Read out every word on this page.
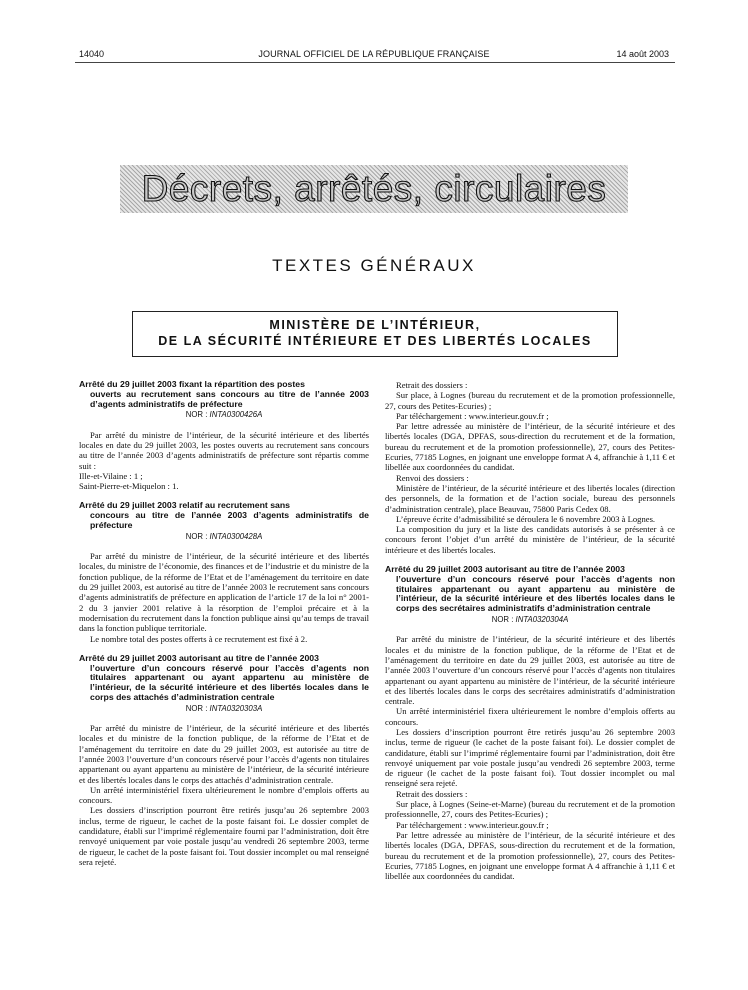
14040	JOURNAL OFFICIEL DE LA RÉPUBLIQUE FRANÇAISE	14 août 2003
Décrets, arrêtés, circulaires
TEXTES GÉNÉRAUX
MINISTÈRE DE L’INTÉRIEUR,
DE LA SÉCURITÉ INTÉRIEURE ET DES LIBERTÉS LOCALES
Arrêté du 29 juillet 2003 fixant la répartition des postes
ouverts au recrutement sans concours au titre de l’année 2003 d’agents administratifs de préfecture
NOR : INTA0300426A

Par arrêté du ministre de l’intérieur, de la sécurité intérieure et des libertés locales en date du 29 juillet 2003, les postes ouverts au recrutement sans concours au titre de l’année 2003 d’agents administratifs de préfecture sont répartis comme suit :

Ille-et-Vilaine : 1 ;

Saint-Pierre-et-Miquelon : 1.

Arrêté du 29 juillet 2003 relatif au recrutement sans
concours au titre de l’année 2003 d’agents administratifs de préfecture
NOR : INTA0300428A

Par arrêté du ministre de l’intérieur, de la sécurité intérieure et des libertés locales, du ministre de l’économie, des finances et de l’industrie et du ministre de la fonction publique, de la réforme de l’Etat et de l’aménagement du territoire en date du 29 juillet 2003, est autorisé au titre de l’année 2003 le recrutement sans concours d’agents administratifs de préfecture en application de l’article 17 de la loi n° 2001-2 du 3 janvier 2001 relative à la résorption de l’emploi précaire et à la modernisation du recrutement dans la fonction publique ainsi qu’au temps de travail dans la fonction publique territoriale.

Le nombre total des postes offerts à ce recrutement est fixé à 2.

Arrêté du 29 juillet 2003 autorisant au titre de l’année 2003
l’ouverture d’un concours réservé pour l’accès d’agents non titulaires appartenant ou ayant appartenu au ministère de l’intérieur, de la sécurité intérieure et des libertés locales dans le corps des attachés d’administration centrale
NOR : INTA0320303A

Par arrêté du ministre de l’intérieur, de la sécurité intérieure et des libertés locales et du ministre de la fonction publique, de la réforme de l’Etat et de l’aménagement du territoire en date du 29 juillet 2003, est autorisée au titre de l’année 2003 l’ouverture d’un concours réservé pour l’accès d’agents non titulaires appartenant ou ayant appartenu au ministère de l’intérieur, de la sécurité intérieure et des libertés locales dans le corps des attachés d’administration centrale.

Un arrêté interministériel fixera ultérieurement le nombre d’emplois offerts au concours.

Les dossiers d’inscription pourront être retirés jusqu’au 26 septembre 2003 inclus, terme de rigueur, le cachet de la poste faisant foi. Le dossier complet de candidature, établi sur l’imprimé réglementaire fourni par l’administration, doit être renvoyé uniquement par voie postale jusqu’au vendredi 26 septembre 2003, terme de rigueur, le cachet de la poste faisant foi. Tout dossier incomplet ou mal renseigné sera rejeté.

Retrait des dossiers :

Sur place, à Lognes (bureau du recrutement et de la promotion professionnelle, 27, cours des Petites-Ecuries) ;

Par téléchargement : www.interieur.gouv.fr ;

Par lettre adressée au ministère de l’intérieur, de la sécurité intérieure et des libertés locales (DGA, DPFAS, sous-direction du recrutement et de la formation, bureau du recrutement et de la promotion professionnelle), 27, cours des Petites-Ecuries, 77185 Lognes, en joignant une enveloppe format A 4, affranchie à 1,11 € et libellée aux coordonnées du candidat.

Renvoi des dossiers :

Ministère de l’intérieur, de la sécurité intérieure et des libertés locales (direction des personnels, de la formation et de l’action sociale, bureau des personnels d’administration centrale), place Beauvau, 75800 Paris Cedex 08.

L’épreuve écrite d’admissibilité se déroulera le 6 novembre 2003 à Lognes.

La composition du jury et la liste des candidats autorisés à se présenter à ce concours feront l’objet d’un arrêté du ministère de l’intérieur, de la sécurité intérieure et des libertés locales.

Arrêté du 29 juillet 2003 autorisant au titre de l’année 2003
l’ouverture d’un concours réservé pour l’accès d’agents non titulaires appartenant ou ayant appartenu au ministère de l’intérieur, de la sécurité intérieure et des libertés locales dans le corps des secrétaires administratifs d’administration centrale
NOR : INTA0320304A

Par arrêté du ministre de l’intérieur, de la sécurité intérieure et des libertés locales et du ministre de la fonction publique, de la réforme de l’Etat et de l’aménagement du territoire en date du 29 juillet 2003, est autorisée au titre de l’année 2003 l’ouverture d’un concours réservé pour l’accès d’agents non titulaires appartenant ou ayant appartenu au ministère de l’intérieur, de la sécurité intérieure et des libertés locales dans le corps des secrétaires administratifs d’administration centrale.

Un arrêté interministériel fixera ultérieurement le nombre d’emplois offerts au concours.

Les dossiers d’inscription pourront être retirés jusqu’au 26 septembre 2003 inclus, terme de rigueur (le cachet de la poste faisant foi). Le dossier complet de candidature, établi sur l’imprimé réglementaire fourni par l’administration, doit être renvoyé uniquement par voie postale jusqu’au vendredi 26 septembre 2003, terme de rigueur (le cachet de la poste faisant foi). Tout dossier incomplet ou mal renseigné sera rejeté.

Retrait des dossiers :

Sur place, à Lognes (Seine-et-Marne) (bureau du recrutement et de la promotion professionnelle, 27, cours des Petites-Ecuries) ;

Par téléchargement : www.interieur.gouv.fr ;

Par lettre adressée au ministère de l’intérieur, de la sécurité intérieure et des libertés locales (DGA, DPFAS, sous-direction du recrutement et de la formation, bureau du recrutement et de la promotion professionnelle), 27, cours des Petites-Ecuries, 77185 Lognes, en joignant une enveloppe format A 4 affranchie à 1,11 € et libellée aux coordonnées du candidat.
